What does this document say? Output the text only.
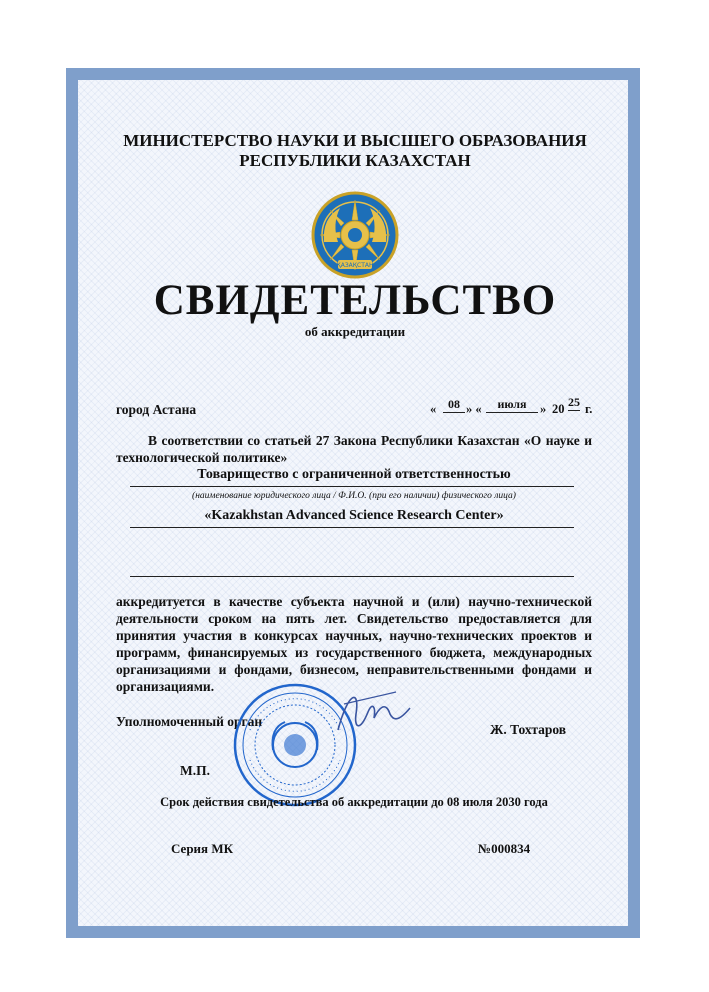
МИНИСТЕРСТВО НАУКИ И ВЫСШЕГО ОБРАЗОВАНИЯ
РЕСПУБЛИКИ КАЗАХСТАН
ҚАЗАҚСТАН
СВИДЕТЕЛЬСТВО
об аккредитации
город Астана	« 08 » «	июля	» 20 25 г.
В соответствии со статьей 27 Закона Республики Казахстан «О науке и технологической политике»
Товарищество с ограниченной ответственностью
(наименование юридического лица / Ф.И.О. (при его наличии) физического лица)
«Kazakhstan Advanced Science Research Center»
аккредитуется в качестве субъекта научной и (или) научно-технической деятельности сроком на пять лет. Свидетельство предоставляется для принятия участия в конкурсах научных, научно-технических проектов и программ, финансируемых из государственного бюджета, международных организациями и фондами, бизнесом, неправительственными фондами и организациями.
Уполномоченный орган
Ж. Тохтаров
М.П.
Срок действия свидетельства об аккредитации до 08 июля 2030 года
Серия МК	№000834
